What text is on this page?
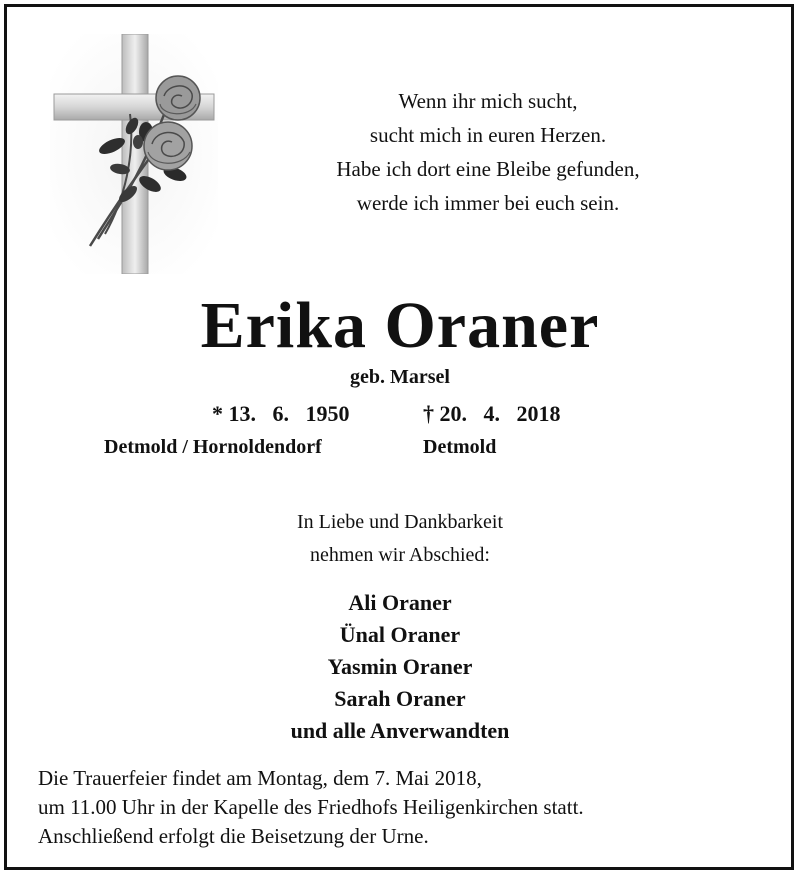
Wenn ihr mich sucht,
sucht mich in euren Herzen.
Habe ich dort eine Bleibe gefunden,
werde ich immer bei euch sein.
Erika Oraner
geb. Marsel
* 13. 6. 1950	† 20. 4. 2018
Detmold / Hornoldendorf	Detmold
In Liebe und Dankbarkeit
nehmen wir Abschied:
Ali Oraner
Ünal Oraner
Yasmin Oraner
Sarah Oraner
und alle Anverwandten
Die Trauerfeier findet am Montag, dem 7. Mai 2018,
um 11.00 Uhr in der Kapelle des Friedhofs Heiligenkirchen statt.
Anschließend erfolgt die Beisetzung der Urne.
